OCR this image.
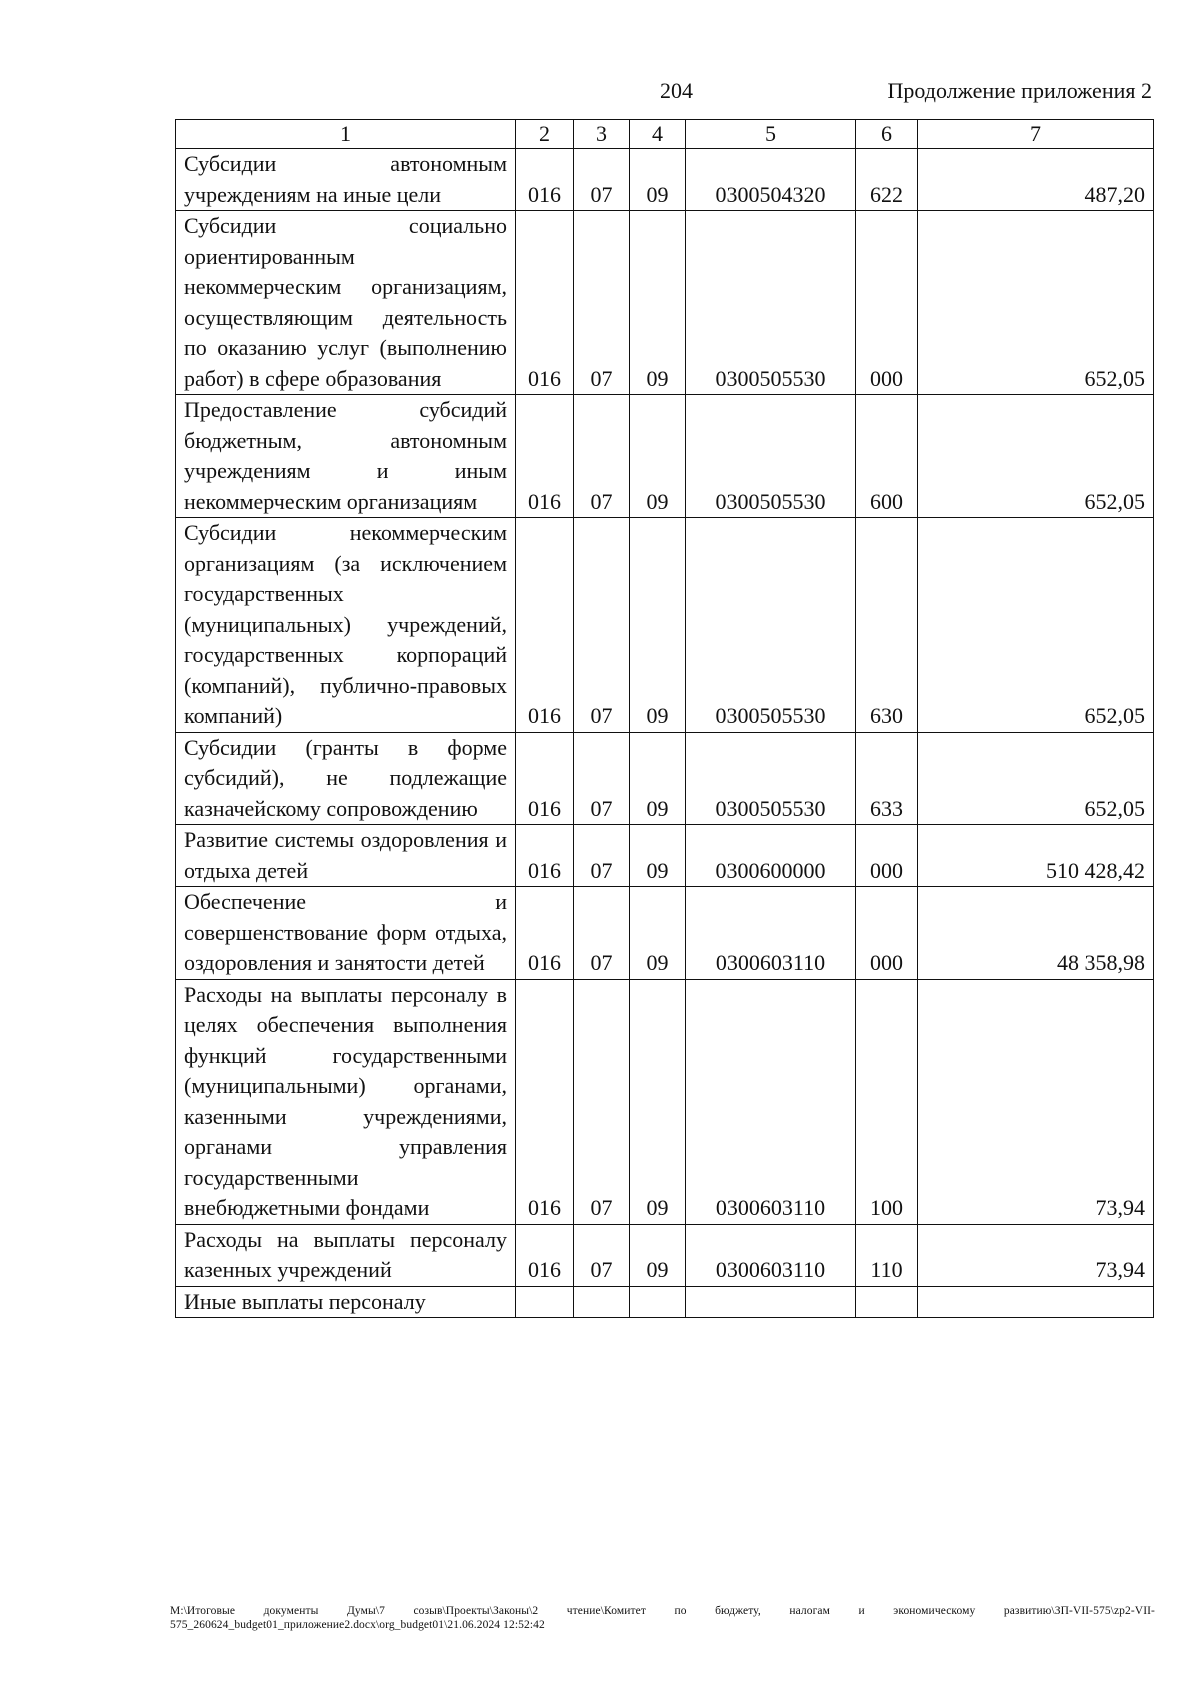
204	Продолжение приложения 2
1	2	3	4	5	6	7
Субсидии автономным учреждениям на иные цели	016	07	09	0300504320	622	487,20
Субсидии социально ориентированным некоммерческим организациям, осуществляющим деятельность по оказанию услуг (выполнению работ) в сфере образования	016	07	09	0300505530	000	652,05
Предоставление субсидий бюджетным, автономным учреждениям и иным некоммерческим организациям	016	07	09	0300505530	600	652,05
Субсидии некоммерческим организациям (за исключением государственных (муниципальных) учреждений, государственных корпораций (компаний), публично-правовых компаний)	016	07	09	0300505530	630	652,05
Субсидии (гранты в форме субсидий), не подлежащие казначейскому сопровождению	016	07	09	0300505530	633	652,05
Развитие системы оздоровления и отдыха детей	016	07	09	0300600000	000	510 428,42
Обеспечение и совершенствование форм отдыха, оздоровления и занятости детей	016	07	09	0300603110	000	48 358,98
Расходы на выплаты персоналу в целях обеспечения выполнения функций государственными (муниципальными) органами, казенными учреждениями, органами управления государственными внебюджетными фондами	016	07	09	0300603110	100	73,94
Расходы на выплаты персоналу казенных учреждений	016	07	09	0300603110	110	73,94
Иные выплаты персоналу						
M:\Итоговые документы Думы\7 созыв\Проекты\Законы\2 чтение\Комитет по бюджету, налогам и экономическому развитию\ЗП-VII-575\zp2-VII-575_260624_budget01_приложение2.docx\org_budget01\21.06.2024 12:52:42
